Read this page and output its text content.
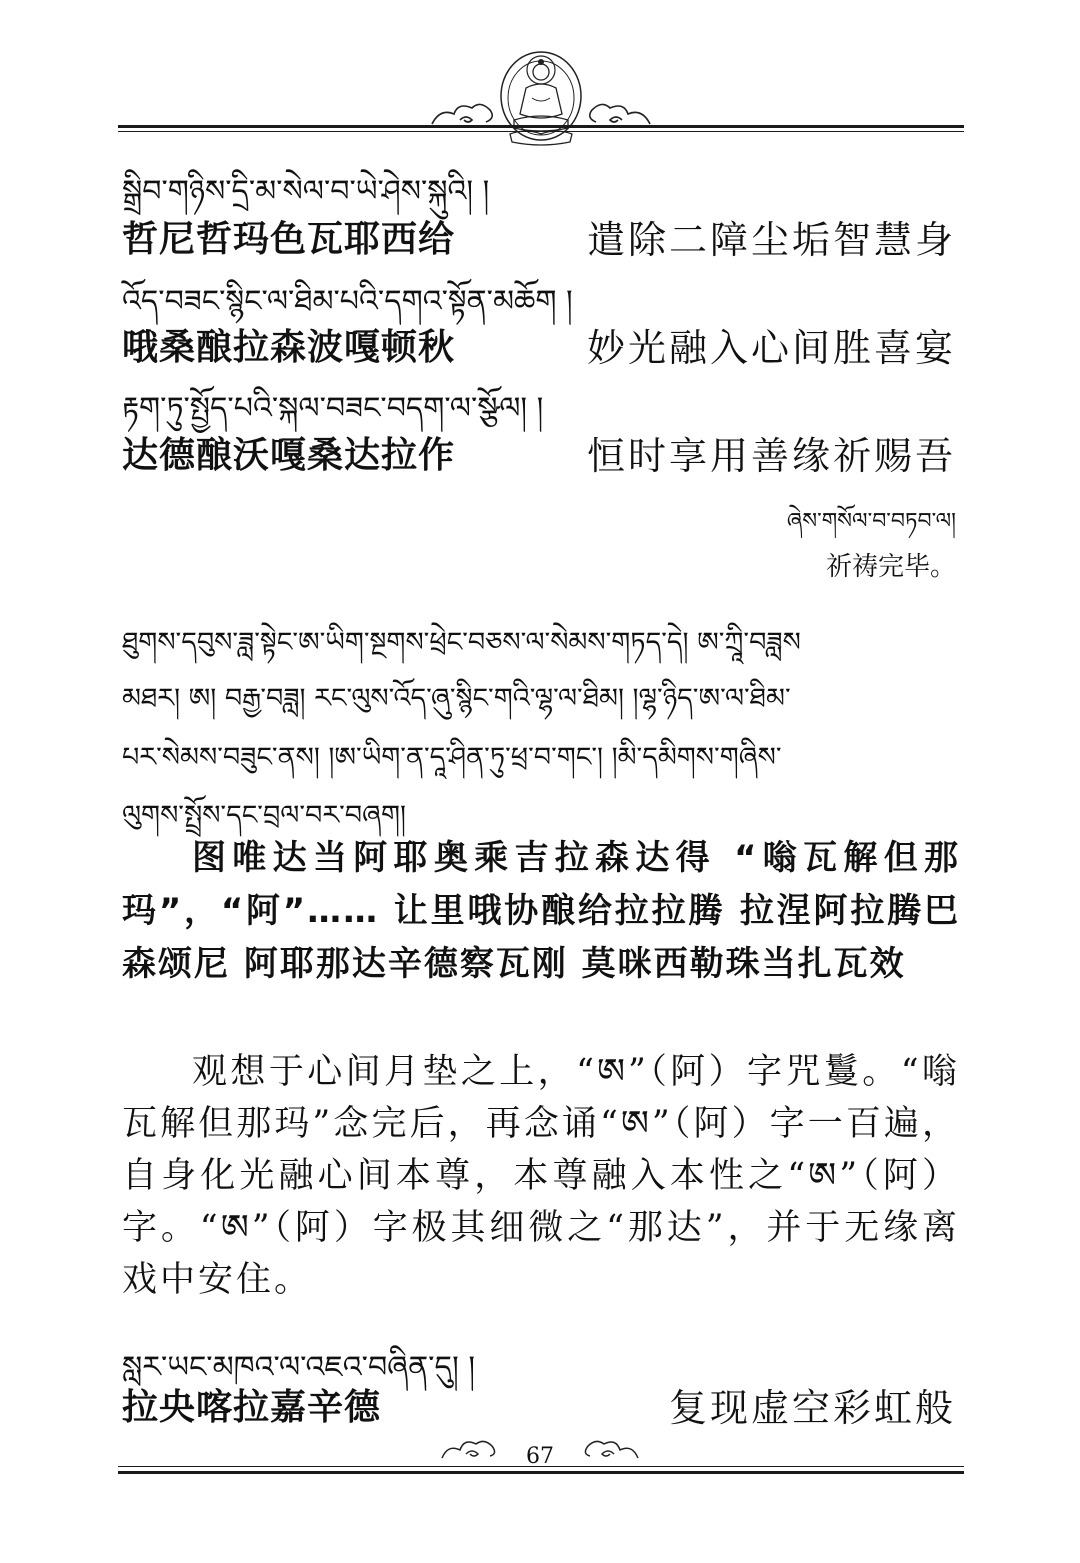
སྒྲིབ་གཉིས་དྲི་མ་སེལ་བ་ཡེ་ཤེས་སྐུའི། །
哲尼哲玛色瓦耶西给	遣除二障尘垢智慧身
འོད་བཟང་སྙིང་ལ་ཐིམ་པའི་དགའ་སྟོན་མཆོག །
哦桑酿拉森波嘎顿秋	妙光融入心间胜喜宴
རྟག་ཏུ་སྤྱོད་པའི་སྐལ་བཟང་བདག་ལ་སྩོལ། །
达德酿沃嘎桑达拉作	恒时享用善缘祈赐吾
ཞེས་གསོལ་བ་བཏབ་ལ།
祈祷完毕。
ཐུགས་དབུས་ཟླ་སྟེང་ཨ་ཡིག་སྔགས་ཕྲེང་བཅས་ལ་སེམས་གཏད་དེ། ཨ་ཀྲཱི་བཟླས
མཐར། ཨ། བརྒྱ་བཟླ། རང་ལུས་འོད་ཞུ་སྙིང་གའི་ལྷ་ལ་ཐིམ། །ལྷ་ཉིད་ཨ་ལ་ཐིམ་
པར་སེམས་བཟུང་ནས། །ཨ་ཡིག་ན་དཱ་ཤིན་ཏུ་ཕྲ་བ་གང་། །མི་དམིགས་གཞིས་
ལུགས་སྤྲོས་དང་བྲལ་བར་བཞག།
图唯达当阿耶奥乘吉拉森达得 “嗡瓦解但那玛”，“阿”…… 让里哦协酿给拉拉腾 拉涅阿拉腾巴森颂尼 阿耶那达辛德察瓦刚 莫咪西勒珠当扎瓦效
观想于心间月垫之上，“ཨ”（阿）字咒鬘。“嗡瓦解但那玛”念完后，再念诵“ཨ”（阿）字一百遍，自身化光融心间本尊，本尊融入本性之“ཨ”（阿）字。“ཨ”（阿）字极其细微之“那达”，并于无缘离戏中安住。
སླར་ཡང་མཁའ་ལ་འཇའ་བཞིན་དུ། །
拉央喀拉嘉辛德	复现虚空彩虹般
67
